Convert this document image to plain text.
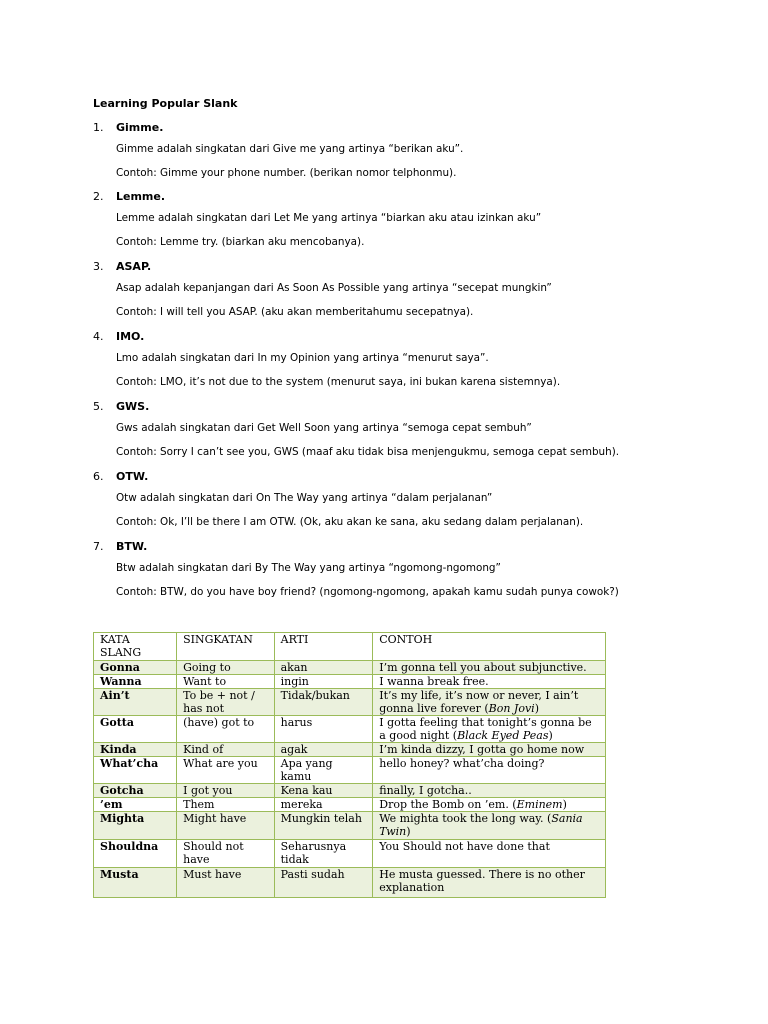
Learning Popular Slank
1. Gimme.
Gimme adalah singkatan dari Give me yang artinya “berikan aku”.
Contoh: Gimme your phone number. (berikan nomor telphonmu).
2. Lemme.
Lemme adalah singkatan dari Let Me yang artinya “biarkan aku atau izinkan aku”
Contoh: Lemme try. (biarkan aku mencobanya).
3. ASAP.
Asap adalah kepanjangan dari As Soon As Possible yang artinya “secepat mungkin”
Contoh: I will tell you ASAP. (aku akan memberitahumu secepatnya).
4. IMO.
Lmo adalah singkatan dari In my Opinion yang artinya “menurut saya”.
Contoh: LMO, it’s not due to the system (menurut saya, ini bukan karena sistemnya).
5. GWS.
Gws adalah singkatan dari Get Well Soon yang artinya “semoga cepat sembuh”
Contoh: Sorry I can’t see you, GWS (maaf aku tidak bisa menjengukmu, semoga cepat sembuh).
6. OTW.
Otw adalah singkatan dari On The Way yang artinya “dalam perjalanan”
Contoh: Ok, I’ll be there I am OTW. (Ok, aku akan ke sana, aku sedang dalam perjalanan).
7. BTW.
Btw adalah singkatan dari By The Way yang artinya “ngomong-ngomong”
Contoh: BTW, do you have boy friend? (ngomong-ngomong, apakah kamu sudah punya cowok?)
KATA SLANG	SINGKATAN	ARTI	CONTOH
Gonna	Going to	akan	I’m gonna tell you about subjunctive.
Wanna	Want to	ingin	I wanna break free.
Ain’t	To be + not / has not	Tidak/bukan	It’s my life, it’s now or never, I ain’t gonna live forever (Bon Jovi)
Gotta	(have) got to	harus	I gotta feeling that tonight’s gonna be a good night (Black Eyed Peas)
Kinda	Kind of	agak	I’m kinda dizzy, I gotta go home now
What’cha	What are you	Apa yang kamu	hello honey? what’cha doing?
Gotcha	I got you	Kena kau	finally, I gotcha..
’em	Them	mereka	Drop the Bomb on ’em. (Eminem)
Mighta	Might have	Mungkin telah	We mighta took the long way. (Sania Twin)
Shouldna	Should not have	Seharusnya tidak	You Should not have done that
Musta	Must have	Pasti sudah	He musta guessed. There is no other explanation
